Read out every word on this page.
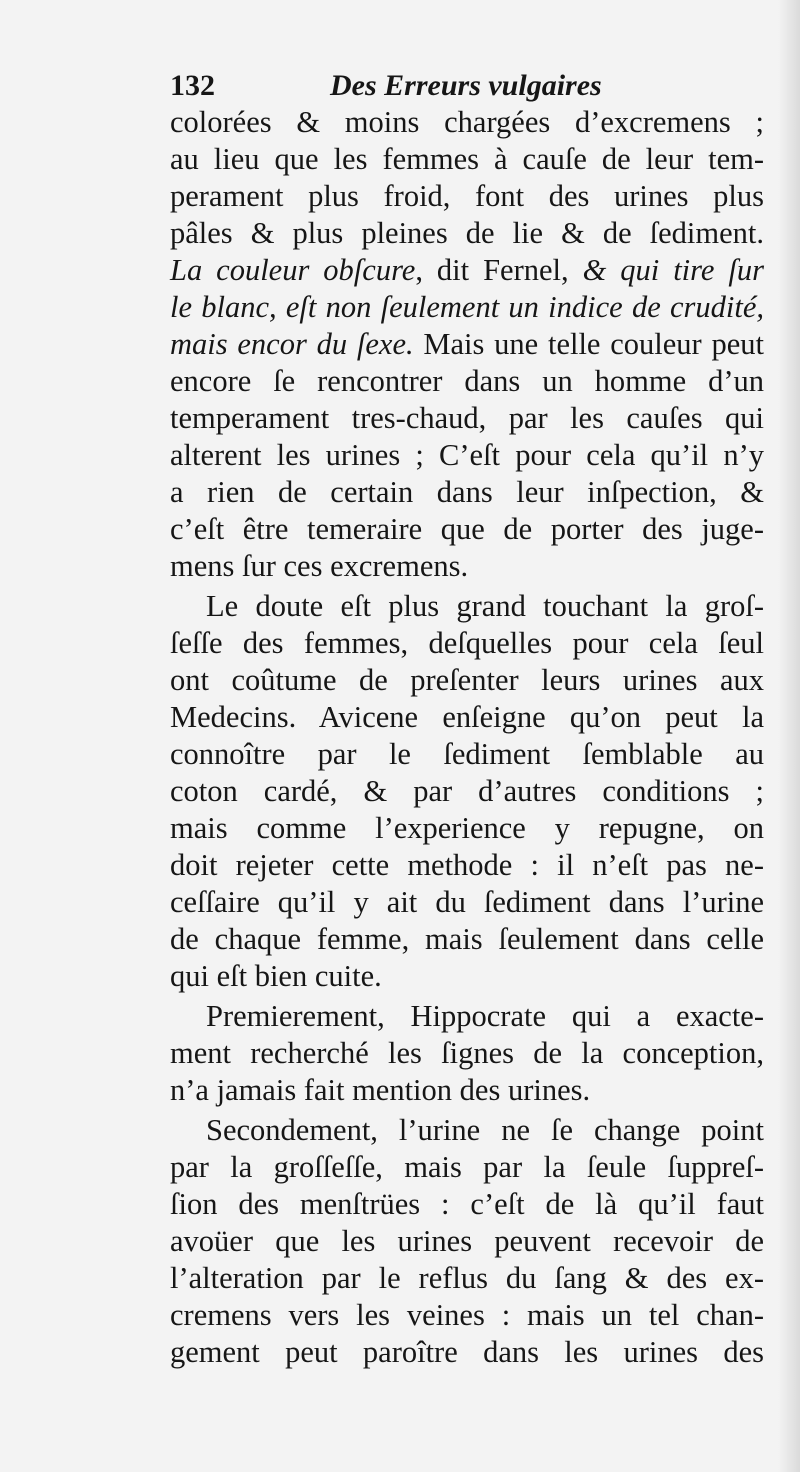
132	Des Erreurs vulgaires
colorées & moins chargées d’excremens ;
au lieu que les femmes à cauſe de leur tem-
perament plus froid, font des urines plus
pâles & plus pleines de lie & de ſediment.
La couleur obſcure, dit Fernel, & qui tire ſur
le blanc, eſt non ſeulement un indice de crudité,
mais encor du ſexe. Mais une telle couleur peut
encore ſe rencontrer dans un homme d’un
temperament tres-chaud, par les cauſes qui
alterent les urines ; C’eſt pour cela qu’il n’y
a rien de certain dans leur inſpection, &
c’eſt être temeraire que de porter des juge-
mens ſur ces excremens.
Le doute eſt plus grand touchant la groſ-
ſeſſe des femmes, deſquelles pour cela ſeul
ont coûtume de preſenter leurs urines aux
Medecins. Avicene enſeigne qu’on peut la
connoître par le ſediment ſemblable au
coton cardé, & par d’autres conditions ;
mais comme l’experience y repugne, on
doit rejeter cette methode : il n’eſt pas ne-
ceſſaire qu’il y ait du ſediment dans l’urine
de chaque femme, mais ſeulement dans celle
qui eſt bien cuite.
Premierement, Hippocrate qui a exacte-
ment recherché les ſignes de la conception,
n’a jamais fait mention des urines.
Secondement, l’urine ne ſe change point
par la groſſeſſe, mais par la ſeule ſuppreſ-
ſion des menſtrües : c’eſt de là qu’il faut
avoüer que les urines peuvent recevoir de
l’alteration par le reflus du ſang & des ex-
cremens vers les veines : mais un tel chan-
gement peut paroître dans les urines des
